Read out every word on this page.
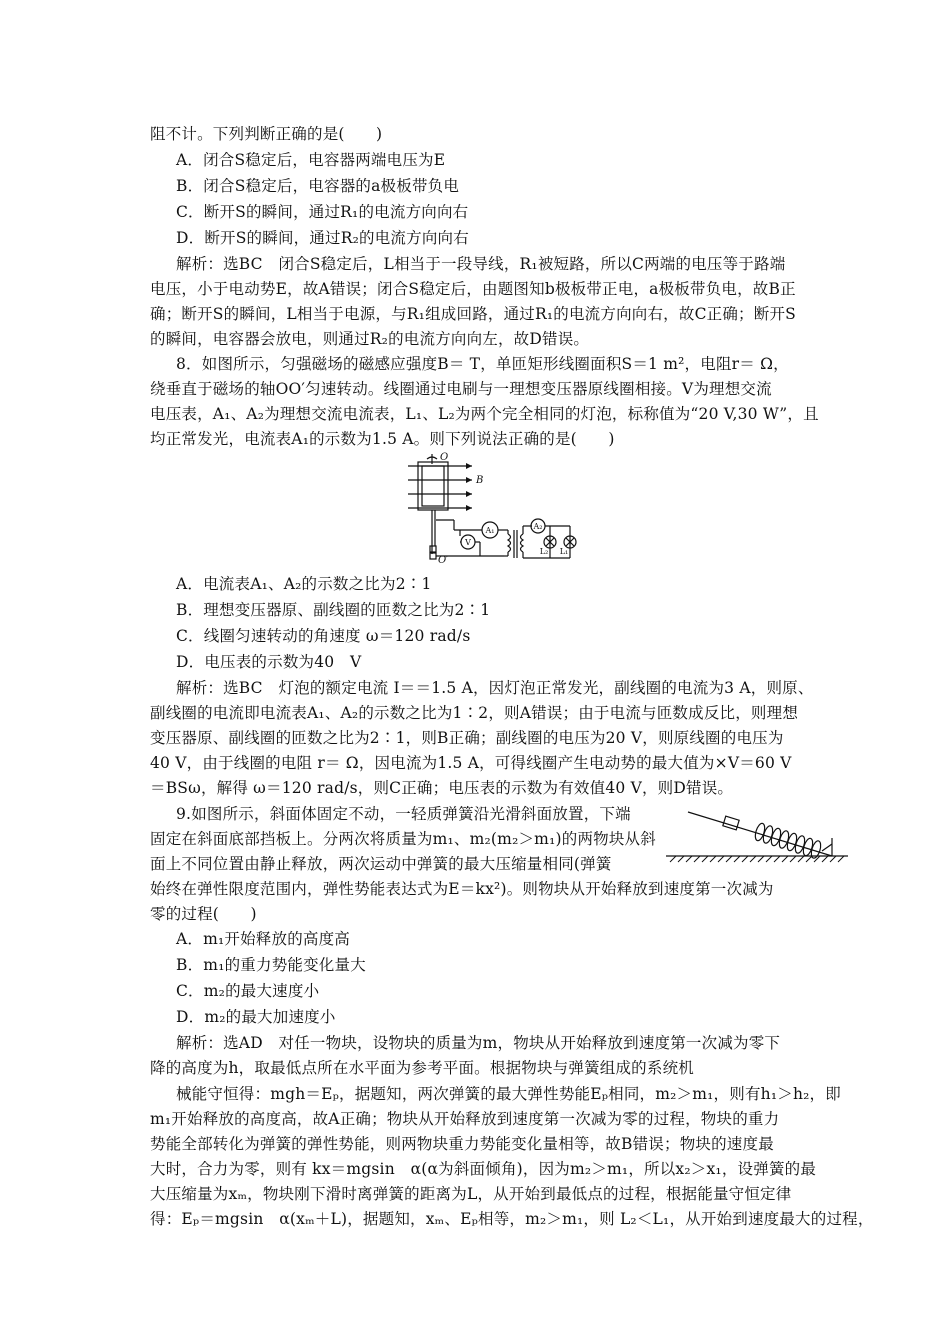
阻不计。下列判断正确的是(　　)
A．闭合S稳定后，电容器两端电压为E
B．闭合S稳定后，电容器的a极板带负电
C．断开S的瞬间，通过R₁的电流方向向右
D．断开S的瞬间，通过R₂的电流方向向右
解析：选BC　闭合S稳定后，L相当于一段导线，R₁被短路，所以C两端的电压等于路端
电压，小于电动势E，故A错误；闭合S稳定后，由题图知b极板带正电，a极板带负电，故B正
确；断开S的瞬间，L相当于电源，与R₁组成回路，通过R₁的电流方向向右，故C正确；断开S
的瞬间，电容器会放电，则通过R₂的电流方向向左，故D错误。
8．如图所示，匀强磁场的磁感应强度B＝ T，单匝矩形线圈面积S＝1 m²，电阻r＝ Ω，
绕垂直于磁场的轴OO′匀速转动。线圈通过电刷与一理想变压器原线圈相接。V为理想交流
电压表，A₁、A₂为理想交流电流表，L₁、L₂为两个完全相同的灯泡，标称值为“20 V,30 W”，且
均正常发光，电流表A₁的示数为1.5 A。则下列说法正确的是(　　)
A．电流表A₁、A₂的示数之比为2∶1
B．理想变压器原、副线圈的匝数之比为2∶1
C．线圈匀速转动的角速度 ω＝120 rad/s
D．电压表的示数为40　V
解析：选BC　灯泡的额定电流 I＝＝1.5 A，因灯泡正常发光，副线圈的电流为3 A，则原、
副线圈的电流即电流表A₁、A₂的示数之比为1∶2，则A错误；由于电流与匝数成反比，则理想
变压器原、副线圈的匝数之比为2∶1，则B正确；副线圈的电压为20 V，则原线圈的电压为
40 V，由于线圈的电阻 r＝ Ω，因电流为1.5 A，可得线圈产生电动势的最大值为×V＝60 V
＝BSω，解得 ω＝120 rad/s，则C正确；电压表的示数为有效值40 V，则D错误。
9.如图所示，斜面体固定不动，一轻质弹簧沿光滑斜面放置，下端
固定在斜面底部挡板上。分两次将质量为m₁、m₂(m₂＞m₁)的两物块从斜
面上不同位置由静止释放，两次运动中弹簧的最大压缩量相同(弹簧
始终在弹性限度范围内，弹性势能表达式为E＝kx²)。则物块从开始释放到速度第一次减为
零的过程(　　)
A．m₁开始释放的高度高
B．m₁的重力势能变化量大
C．m₂的最大速度小
D．m₂的最大加速度小
解析：选AD　对任一物块，设物块的质量为m，物块从开始释放到速度第一次减为零下
降的高度为h，取最低点所在水平面为参考平面。根据物块与弹簧组成的系统机
械能守恒得：mgh＝Eₚ，据题知，两次弹簧的最大弹性势能Eₚ相同，m₂＞m₁，则有h₁＞h₂，即
m₁开始释放的高度高，故A正确；物块从开始释放到速度第一次减为零的过程，物块的重力
势能全部转化为弹簧的弹性势能，则两物块重力势能变化量相等，故B错误；物块的速度最
大时，合力为零，则有 kx＝mgsin　α(α为斜面倾角)，因为m₂＞m₁，所以x₂＞x₁，设弹簧的最
大压缩量为xₘ，物块刚下滑时离弹簧的距离为L，从开始到最低点的过程，根据能量守恒定律
得：Eₚ＝mgsin　α(xₘ＋L)，据题知，xₘ、Eₚ相等，m₂＞m₁，则 L₂＜L₁，从开始到速度最大的过程，
O
B
O′
A₁	A₂
V
L₂ L₁
